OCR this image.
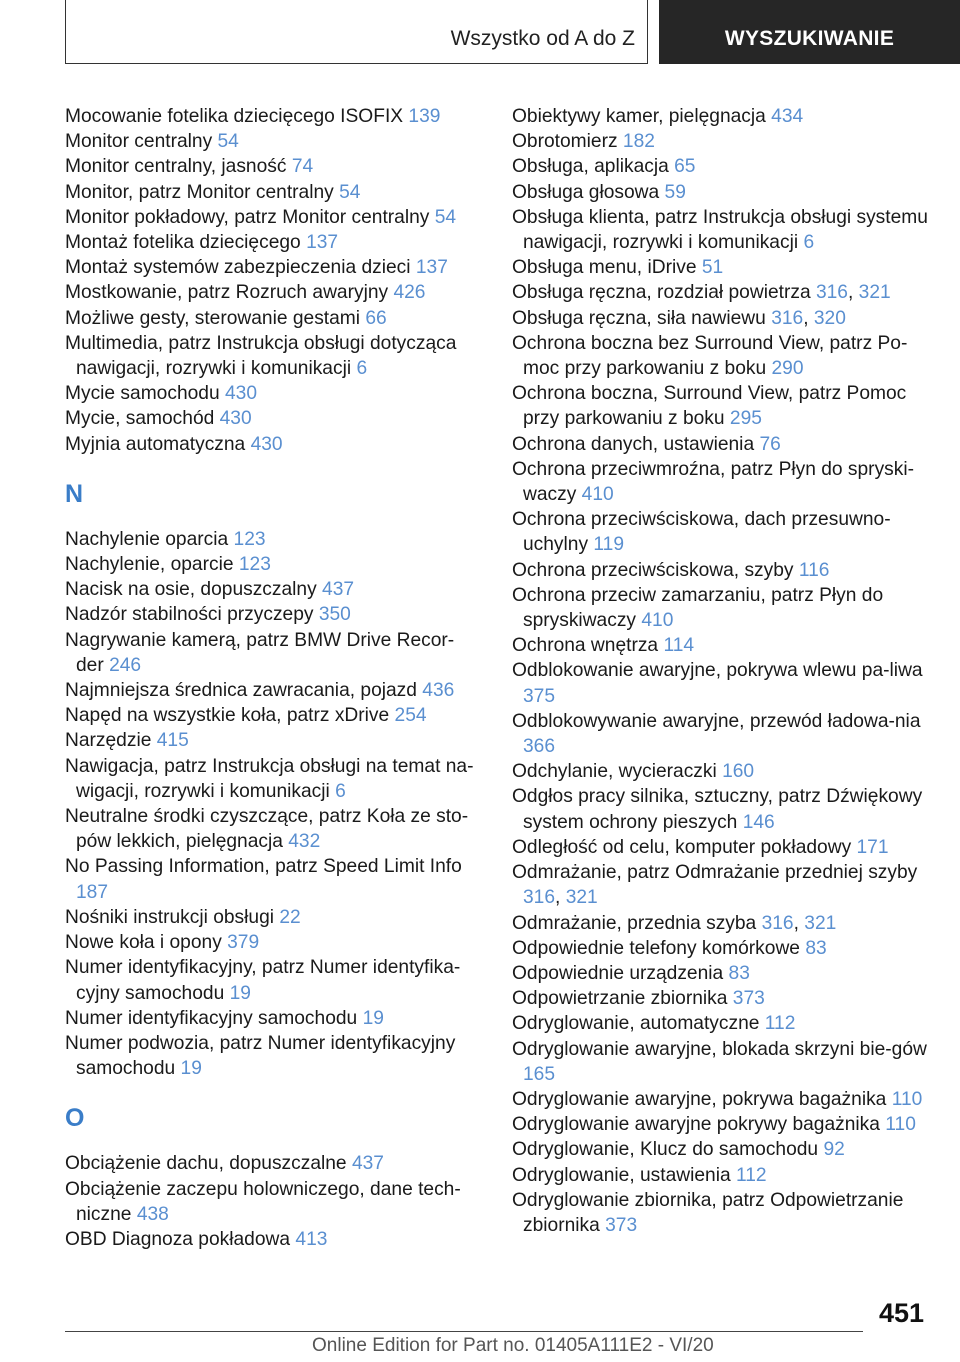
Wszystko od A do Z	WYSZUKIWANIE
Mocowanie fotelika dziecięcego ISOFIX 139
Monitor centralny 54
Monitor centralny, jasność 74
Monitor, patrz Monitor centralny 54
Monitor pokładowy, patrz Monitor centralny 54
Montaż fotelika dziecięcego 137
Montaż systemów zabezpieczenia dzieci 137
Mostkowanie, patrz Rozruch awaryjny 426
Możliwe gesty, sterowanie gestami 66
Multimedia, patrz Instrukcja obsługi dotycząca nawigacji, rozrywki i komunikacji 6
Mycie samochodu 430
Mycie, samochód 430
Myjnia automatyczna 430
N
Nachylenie oparcia 123
Nachylenie, oparcie 123
Nacisk na osie, dopuszczalny 437
Nadzór stabilności przyczepy 350
Nagrywanie kamerą, patrz BMW Drive Recor-der 246
Najmniejsza średnica zawracania, pojazd 436
Napęd na wszystkie koła, patrz xDrive 254
Narzędzie 415
Nawigacja, patrz Instrukcja obsługi na temat na-wigacji, rozrywki i komunikacji 6
Neutralne środki czyszczące, patrz Koła ze sto-pów lekkich, pielęgnacja 432
No Passing Information, patrz Speed Limit Info 187
Nośniki instrukcji obsługi 22
Nowe koła i opony 379
Numer identyfikacyjny, patrz Numer identyfika-cyjny samochodu 19
Numer identyfikacyjny samochodu 19
Numer podwozia, patrz Numer identyfikacyjny samochodu 19
O
Obciążenie dachu, dopuszczalne 437
Obciążenie zaczepu holowniczego, dane tech-niczne 438
OBD Diagnoza pokładowa 413
Obiektywy kamer, pielęgnacja 434
Obrotomierz 182
Obsługa, aplikacja 65
Obsługa głosowa 59
Obsługa klienta, patrz Instrukcja obsługi systemu nawigacji, rozrywki i komunikacji 6
Obsługa menu, iDrive 51
Obsługa ręczna, rozdział powietrza 316, 321
Obsługa ręczna, siła nawiewu 316, 320
Ochrona boczna bez Surround View, patrz Po-moc przy parkowaniu z boku 290
Ochrona boczna, Surround View, patrz Pomoc przy parkowaniu z boku 295
Ochrona danych, ustawienia 76
Ochrona przeciwmroźna, patrz Płyn do spryski-waczy 410
Ochrona przeciwściskowa, dach przesuwno-uchylny 119
Ochrona przeciwściskowa, szyby 116
Ochrona przeciw zamarzaniu, patrz Płyn do spryskiwaczy 410
Ochrona wnętrza 114
Odblokowanie awaryjne, pokrywa wlewu pa-liwa 375
Odblokowywanie awaryjne, przewód ładowa-nia 366
Odchylanie, wycieraczki 160
Odgłos pracy silnika, sztuczny, patrz Dźwiękowy system ochrony pieszych 146
Odległość od celu, komputer pokładowy 171
Odmrażanie, patrz Odmrażanie przedniej szyby 316, 321
Odmrażanie, przednia szyba 316, 321
Odpowiednie telefony komórkowe 83
Odpowiednie urządzenia 83
Odpowietrzanie zbiornika 373
Odryglowanie, automatyczne 112
Odryglowanie awaryjne, blokada skrzyni bie-gów 165
Odryglowanie awaryjne, pokrywa bagażnika 110
Odryglowanie awaryjne pokrywy bagażnika 110
Odryglowanie, Klucz do samochodu 92
Odryglowanie, ustawienia 112
Odryglowanie zbiornika, patrz Odpowietrzanie zbiornika 373
451
Online Edition for Part no. 01405A111E2 - VI/20
